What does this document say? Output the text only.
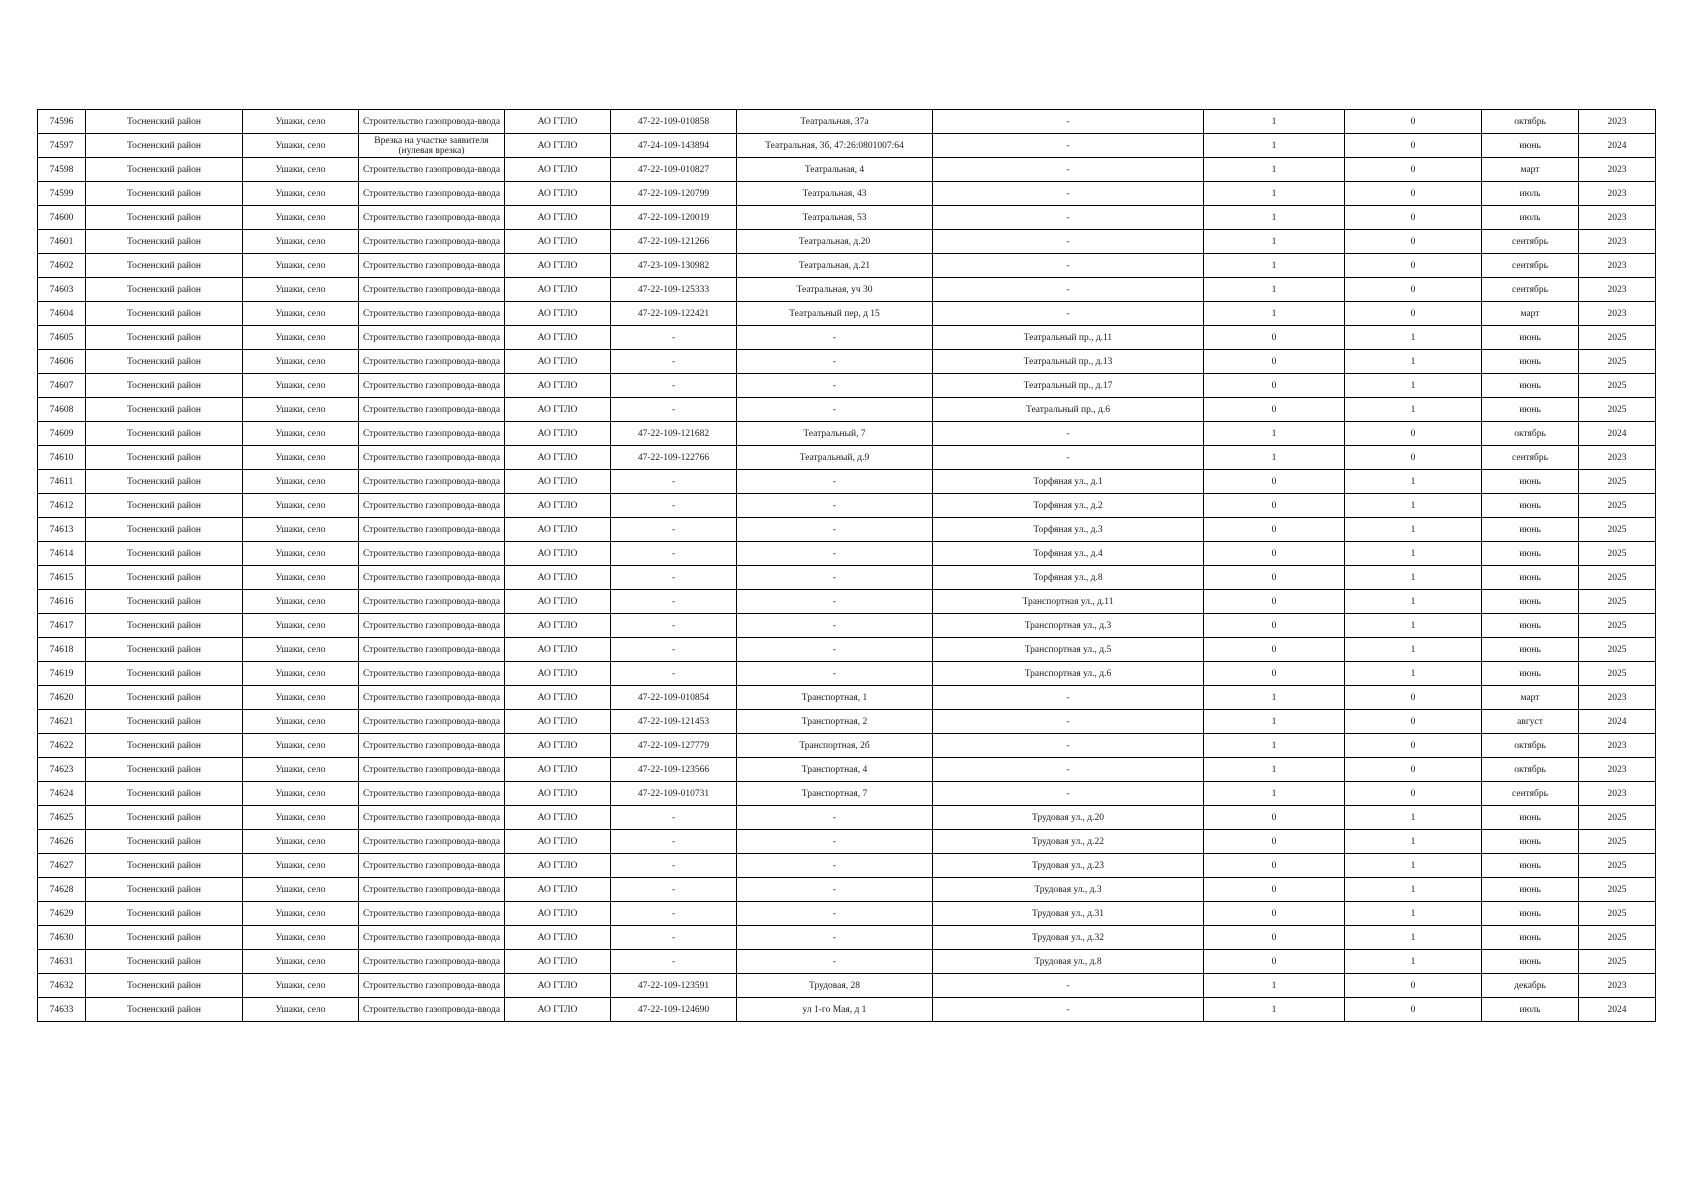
74596	Тосненский район	Ушаки, село	Строительство газопровода-ввода	АО ГТЛО	47-22-109-010858	Театральная, 37а	-	1	0	октябрь	2023
74597	Тосненский район	Ушаки, село	Врезка на участке заявителя (нулевая врезка)	АО ГТЛО	47-24-109-143894	Театральная, 3б, 47:26:0801007:64	-	1	0	июнь	2024
74598	Тосненский район	Ушаки, село	Строительство газопровода-ввода	АО ГТЛО	47-22-109-010827	Театральная, 4	-	1	0	март	2023
74599	Тосненский район	Ушаки, село	Строительство газопровода-ввода	АО ГТЛО	47-22-109-120799	Театральная, 43	-	1	0	июль	2023
74600	Тосненский район	Ушаки, село	Строительство газопровода-ввода	АО ГТЛО	47-22-109-120019	Театральная, 53	-	1	0	июль	2023
74601	Тосненский район	Ушаки, село	Строительство газопровода-ввода	АО ГТЛО	47-22-109-121266	Театральная, д.20	-	1	0	сентябрь	2023
74602	Тосненский район	Ушаки, село	Строительство газопровода-ввода	АО ГТЛО	47-23-109-130982	Театральная, д.21	-	1	0	сентябрь	2023
74603	Тосненский район	Ушаки, село	Строительство газопровода-ввода	АО ГТЛО	47-22-109-125333	Театральная, уч 30	-	1	0	сентябрь	2023
74604	Тосненский район	Ушаки, село	Строительство газопровода-ввода	АО ГТЛО	47-22-109-122421	Театральный пер, д 15	-	1	0	март	2023
74605	Тосненский район	Ушаки, село	Строительство газопровода-ввода	АО ГТЛО	-	-	Театральный пр., д.11	0	1	июнь	2025
74606	Тосненский район	Ушаки, село	Строительство газопровода-ввода	АО ГТЛО	-	-	Театральный пр., д.13	0	1	июнь	2025
74607	Тосненский район	Ушаки, село	Строительство газопровода-ввода	АО ГТЛО	-	-	Театральный пр., д.17	0	1	июнь	2025
74608	Тосненский район	Ушаки, село	Строительство газопровода-ввода	АО ГТЛО	-	-	Театральный пр., д.6	0	1	июнь	2025
74609	Тосненский район	Ушаки, село	Строительство газопровода-ввода	АО ГТЛО	47-22-109-121682	Театральный, 7	-	1	0	октябрь	2024
74610	Тосненский район	Ушаки, село	Строительство газопровода-ввода	АО ГТЛО	47-22-109-122766	Театральный, д.9	-	1	0	сентябрь	2023
74611	Тосненский район	Ушаки, село	Строительство газопровода-ввода	АО ГТЛО	-	-	Торфяная ул., д.1	0	1	июнь	2025
74612	Тосненский район	Ушаки, село	Строительство газопровода-ввода	АО ГТЛО	-	-	Торфяная ул., д.2	0	1	июнь	2025
74613	Тосненский район	Ушаки, село	Строительство газопровода-ввода	АО ГТЛО	-	-	Торфяная ул., д.3	0	1	июнь	2025
74614	Тосненский район	Ушаки, село	Строительство газопровода-ввода	АО ГТЛО	-	-	Торфяная ул., д.4	0	1	июнь	2025
74615	Тосненский район	Ушаки, село	Строительство газопровода-ввода	АО ГТЛО	-	-	Торфяная ул., д.8	0	1	июнь	2025
74616	Тосненский район	Ушаки, село	Строительство газопровода-ввода	АО ГТЛО	-	-	Транспортная ул., д.11	0	1	июнь	2025
74617	Тосненский район	Ушаки, село	Строительство газопровода-ввода	АО ГТЛО	-	-	Транспортная ул., д.3	0	1	июнь	2025
74618	Тосненский район	Ушаки, село	Строительство газопровода-ввода	АО ГТЛО	-	-	Транспортная ул., д.5	0	1	июнь	2025
74619	Тосненский район	Ушаки, село	Строительство газопровода-ввода	АО ГТЛО	-	-	Транспортная ул., д.6	0	1	июнь	2025
74620	Тосненский район	Ушаки, село	Строительство газопровода-ввода	АО ГТЛО	47-22-109-010854	Транспортная, 1	-	1	0	март	2023
74621	Тосненский район	Ушаки, село	Строительство газопровода-ввода	АО ГТЛО	47-22-109-121453	Транспортная, 2	-	1	0	август	2024
74622	Тосненский район	Ушаки, село	Строительство газопровода-ввода	АО ГТЛО	47-22-109-127779	Транспортная, 2б	-	1	0	октябрь	2023
74623	Тосненский район	Ушаки, село	Строительство газопровода-ввода	АО ГТЛО	47-22-109-123566	Транспортная, 4	-	1	0	октябрь	2023
74624	Тосненский район	Ушаки, село	Строительство газопровода-ввода	АО ГТЛО	47-22-109-010731	Транспортная, 7	-	1	0	сентябрь	2023
74625	Тосненский район	Ушаки, село	Строительство газопровода-ввода	АО ГТЛО	-	-	Трудовая ул., д.20	0	1	июнь	2025
74626	Тосненский район	Ушаки, село	Строительство газопровода-ввода	АО ГТЛО	-	-	Трудовая ул., д.22	0	1	июнь	2025
74627	Тосненский район	Ушаки, село	Строительство газопровода-ввода	АО ГТЛО	-	-	Трудовая ул., д.23	0	1	июнь	2025
74628	Тосненский район	Ушаки, село	Строительство газопровода-ввода	АО ГТЛО	-	-	Трудовая ул., д.3	0	1	июнь	2025
74629	Тосненский район	Ушаки, село	Строительство газопровода-ввода	АО ГТЛО	-	-	Трудовая ул., д.31	0	1	июнь	2025
74630	Тосненский район	Ушаки, село	Строительство газопровода-ввода	АО ГТЛО	-	-	Трудовая ул., д.32	0	1	июнь	2025
74631	Тосненский район	Ушаки, село	Строительство газопровода-ввода	АО ГТЛО	-	-	Трудовая ул., д.8	0	1	июнь	2025
74632	Тосненский район	Ушаки, село	Строительство газопровода-ввода	АО ГТЛО	47-22-109-123591	Трудовая, 28	-	1	0	декабрь	2023
74633	Тосненский район	Ушаки, село	Строительство газопровода-ввода	АО ГТЛО	47-22-109-124690	ул 1-го Мая, д 1	-	1	0	июль	2024
